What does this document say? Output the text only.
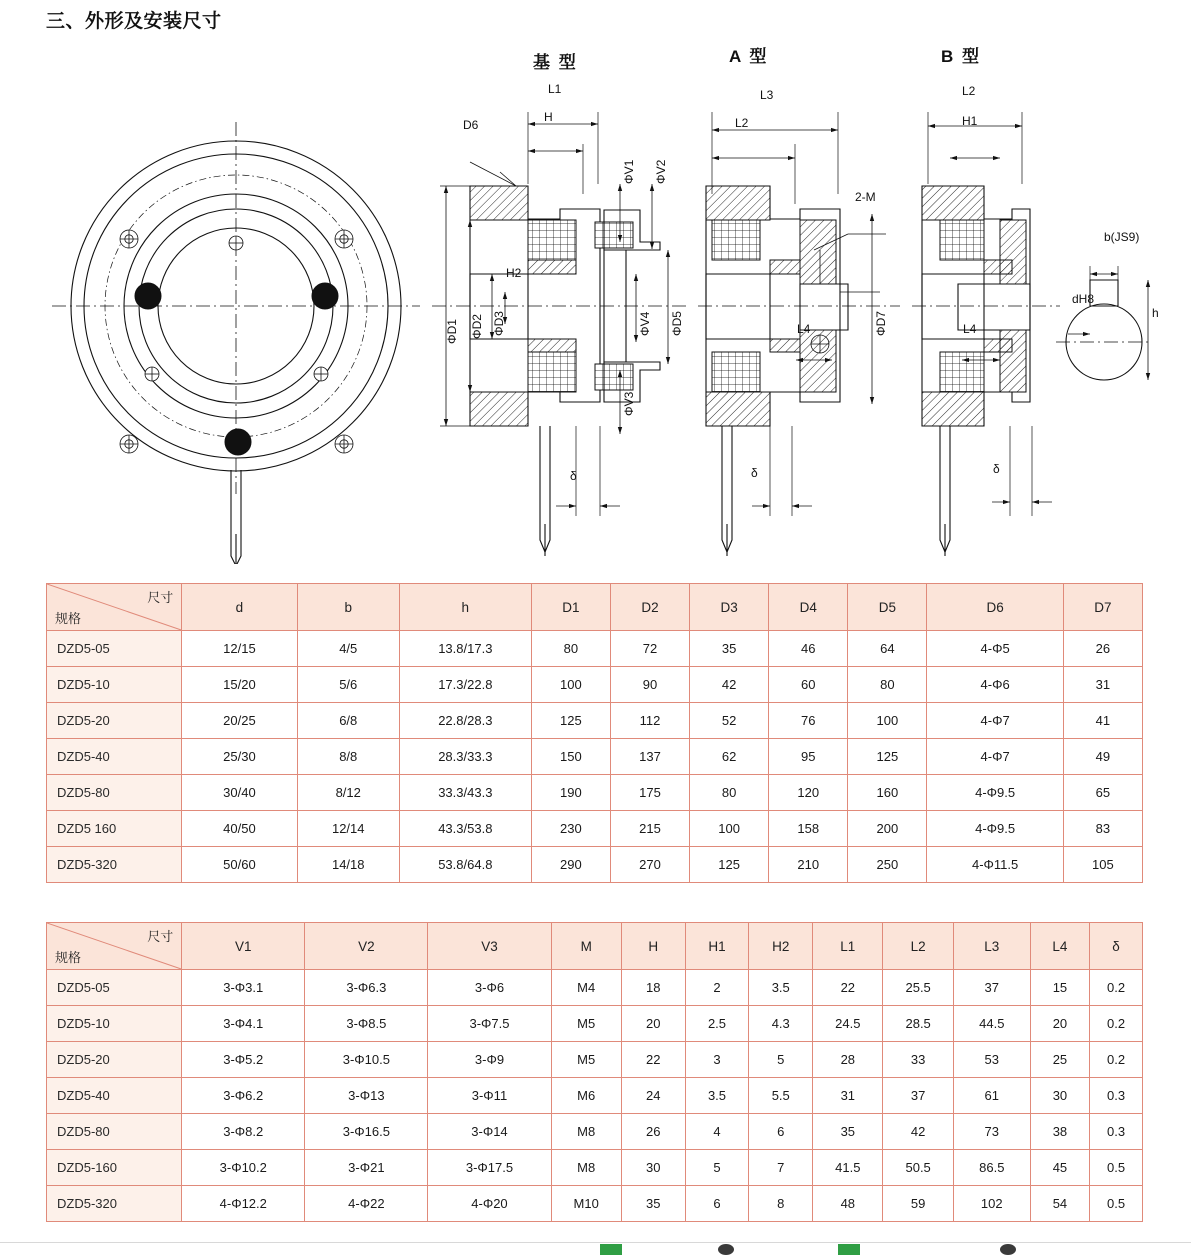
三、外形及安装尺寸
基 型	A 型	B 型
L1
H
D6
H2
ΦD1 ΦD2 ΦD3
ΦV1 ΦV2
ΦV3
ΦV4 ΦD5
δ
L3
L2
2-M
L4	ΦD7
δ
L2
H1
L4
δ
b(JS9)
dH8
h
尺寸
规格	d	b	h	D1	D2	D3	D4	D5	D6	D7
DZD5-05	12/15	4/5	13.8/17.3	80	72	35	46	64	4-Φ5	26
DZD5-10	15/20	5/6	17.3/22.8	100	90	42	60	80	4-Φ6	31
DZD5-20	20/25	6/8	22.8/28.3	125	112	52	76	100	4-Φ7	41
DZD5-40	25/30	8/8	28.3/33.3	150	137	62	95	125	4-Φ7	49
DZD5-80	30/40	8/12	33.3/43.3	190	175	80	120	160	4-Φ9.5	65
DZD5 160	40/50	12/14	43.3/53.8	230	215	100	158	200	4-Φ9.5	83
DZD5-320	50/60	14/18	53.8/64.8	290	270	125	210	250	4-Φ11.5	105
尺寸
规格	V1	V2	V3	M	H	H1	H2	L1	L2	L3	L4	δ
DZD5-05	3-Φ3.1	3-Φ6.3	3-Φ6	M4	18	2	3.5	22	25.5	37	15	0.2
DZD5-10	3-Φ4.1	3-Φ8.5	3-Φ7.5	M5	20	2.5	4.3	24.5	28.5	44.5	20	0.2
DZD5-20	3-Φ5.2	3-Φ10.5	3-Φ9	M5	22	3	5	28	33	53	25	0.2
DZD5-40	3-Φ6.2	3-Φ13	3-Φ11	M6	24	3.5	5.5	31	37	61	30	0.3
DZD5-80	3-Φ8.2	3-Φ16.5	3-Φ14	M8	26	4	6	35	42	73	38	0.3
DZD5-160	3-Φ10.2	3-Φ21	3-Φ17.5	M8	30	5	7	41.5	50.5	86.5	45	0.5
DZD5-320	4-Φ12.2	4-Φ22	4-Φ20	M10	35	6	8	48	59	102	54	0.5
